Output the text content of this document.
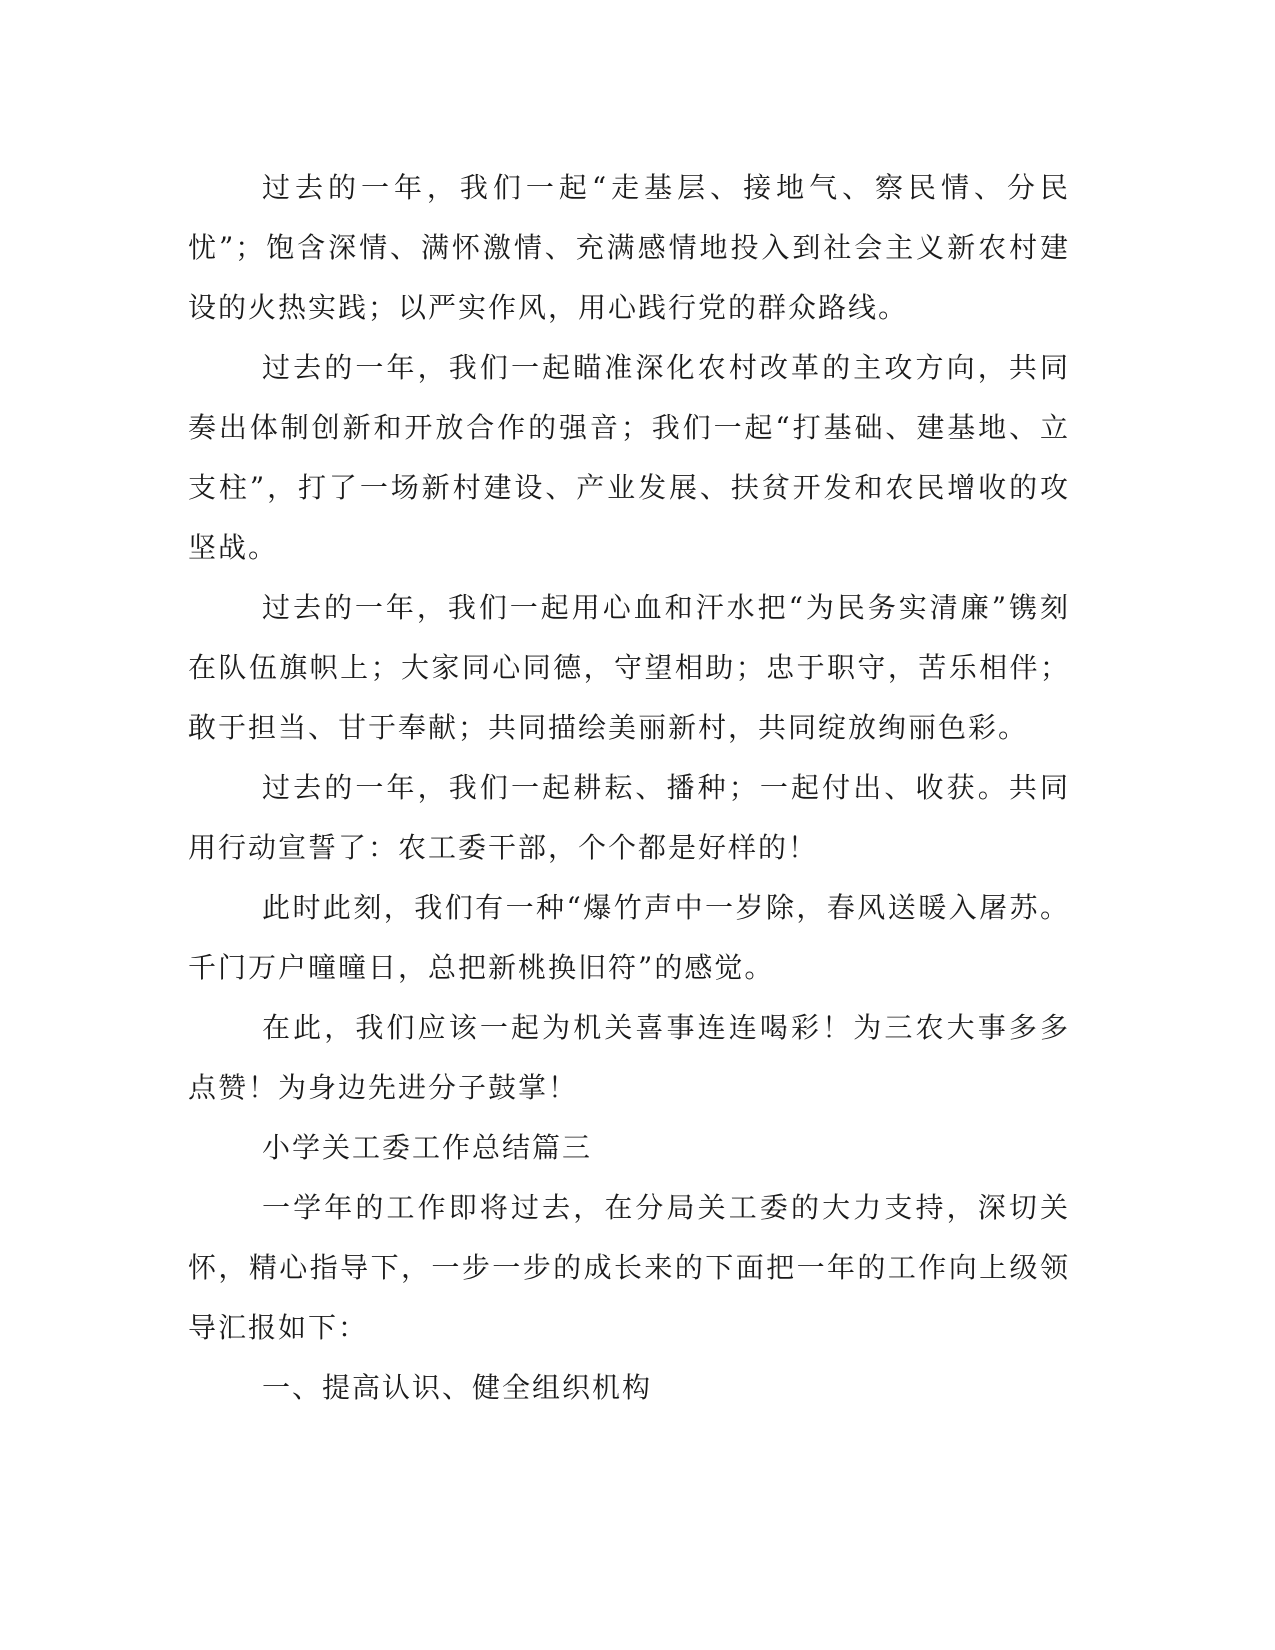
过去的一年，我们一起“走基层、接地气、察民情、分民忧”；饱含深情、满怀激情、充满感情地投入到社会主义新农村建设的火热实践；以严实作风，用心践行党的群众路线。

过去的一年，我们一起瞄准深化农村改革的主攻方向，共同奏出体制创新和开放合作的强音；我们一起“打基础、建基地、立支柱”，打了一场新村建设、产业发展、扶贫开发和农民增收的攻坚战。

过去的一年，我们一起用心血和汗水把“为民务实清廉”镌刻在队伍旗帜上；大家同心同德，守望相助；忠于职守，苦乐相伴；敢于担当、甘于奉献；共同描绘美丽新村，共同绽放绚丽色彩。

过去的一年，我们一起耕耘、播种；一起付出、收获。共同用行动宣誓了：农工委干部，个个都是好样的！

此时此刻，我们有一种“爆竹声中一岁除，春风送暖入屠苏。千门万户曈曈日，总把新桃换旧符”的感觉。

在此，我们应该一起为机关喜事连连喝彩！为三农大事多多点赞！为身边先进分子鼓掌！

小学关工委工作总结篇三

一学年的工作即将过去，在分局关工委的大力支持，深切关怀，精心指导下，一步一步的成长来的下面把一年的工作向上级领导汇报如下：

一、提高认识、健全组织机构
